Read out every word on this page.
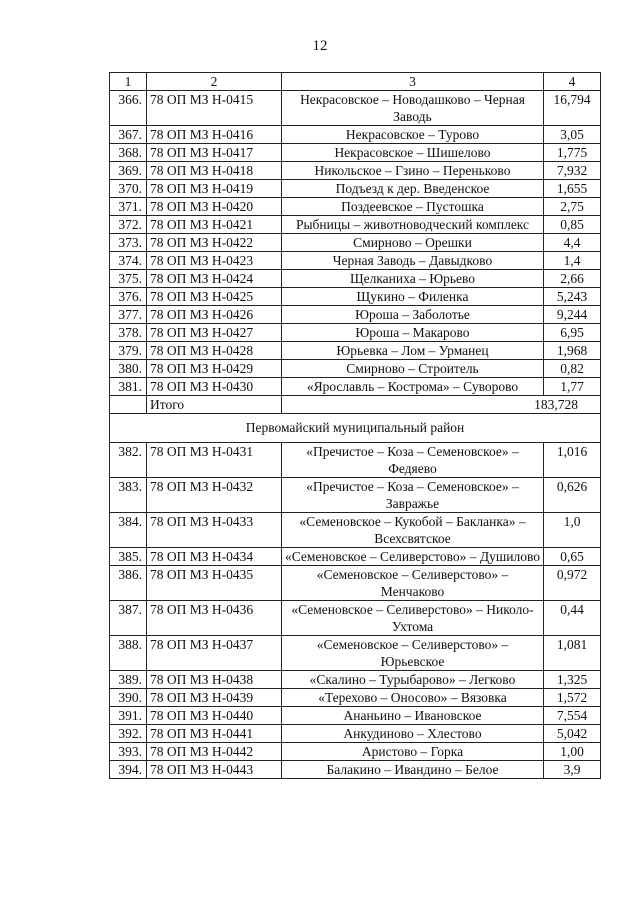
12
1	2	3	4
366.	78 ОП МЗ Н-0415	Некрасовское – Новодашково – Черная Заводь	16,794
367.	78 ОП МЗ Н-0416	Некрасовское – Турово	3,05
368.	78 ОП МЗ Н-0417	Некрасовское – Шишелово	1,775
369.	78 ОП МЗ Н-0418	Никольское – Гзино – Переньково	7,932
370.	78 ОП МЗ Н-0419	Подъезд к дер. Введенское	1,655
371.	78 ОП МЗ Н-0420	Поздеевское – Пустошка	2,75
372.	78 ОП МЗ Н-0421	Рыбницы – животноводческий комплекс	0,85
373.	78 ОП МЗ Н-0422	Смирново – Орешки	4,4
374.	78 ОП МЗ Н-0423	Черная Заводь – Давыдково	1,4
375.	78 ОП МЗ Н-0424	Щелканиха – Юрьево	2,66
376.	78 ОП МЗ Н-0425	Щукино – Филенка	5,243
377.	78 ОП МЗ Н-0426	Юроша – Заболотье	9,244
378.	78 ОП МЗ Н-0427	Юроша – Макарово	6,95
379.	78 ОП МЗ Н-0428	Юрьевка – Лом – Урманец	1,968
380.	78 ОП МЗ Н-0429	Смирново – Строитель	0,82
381.	78 ОП МЗ Н-0430	«Ярославль – Кострома» – Суворово	1,77
	Итого	183,728	
Первомайский муниципальный район			
382.	78 ОП МЗ Н-0431	«Пречистое – Коза – Семеновское» – Федяево	1,016
383.	78 ОП МЗ Н-0432	«Пречистое – Коза – Семеновское» – Завражье	0,626
384.	78 ОП МЗ Н-0433	«Семеновское – Кукобой – Бакланка» – Всехсвятское	1,0
385.	78 ОП МЗ Н-0434	«Семеновское – Селиверстово» – Душилово	0,65
386.	78 ОП МЗ Н-0435	«Семеновское – Селиверстово» – Менчаково	0,972
387.	78 ОП МЗ Н-0436	«Семеновское – Селиверстово» – Николо-Ухтома	0,44
388.	78 ОП МЗ Н-0437	«Семеновское – Селиверстово» – Юрьевское	1,081
389.	78 ОП МЗ Н-0438	«Скалино – Турыбарово» – Легково	1,325
390.	78 ОП МЗ Н-0439	«Терехово – Оносово» – Вязовка	1,572
391.	78 ОП МЗ Н-0440	Ананьино – Ивановское	7,554
392.	78 ОП МЗ Н-0441	Анкудиново – Хлестово	5,042
393.	78 ОП МЗ Н-0442	Аристово – Горка	1,00
394.	78 ОП МЗ Н-0443	Балакино – Ивандино – Белое	3,9
